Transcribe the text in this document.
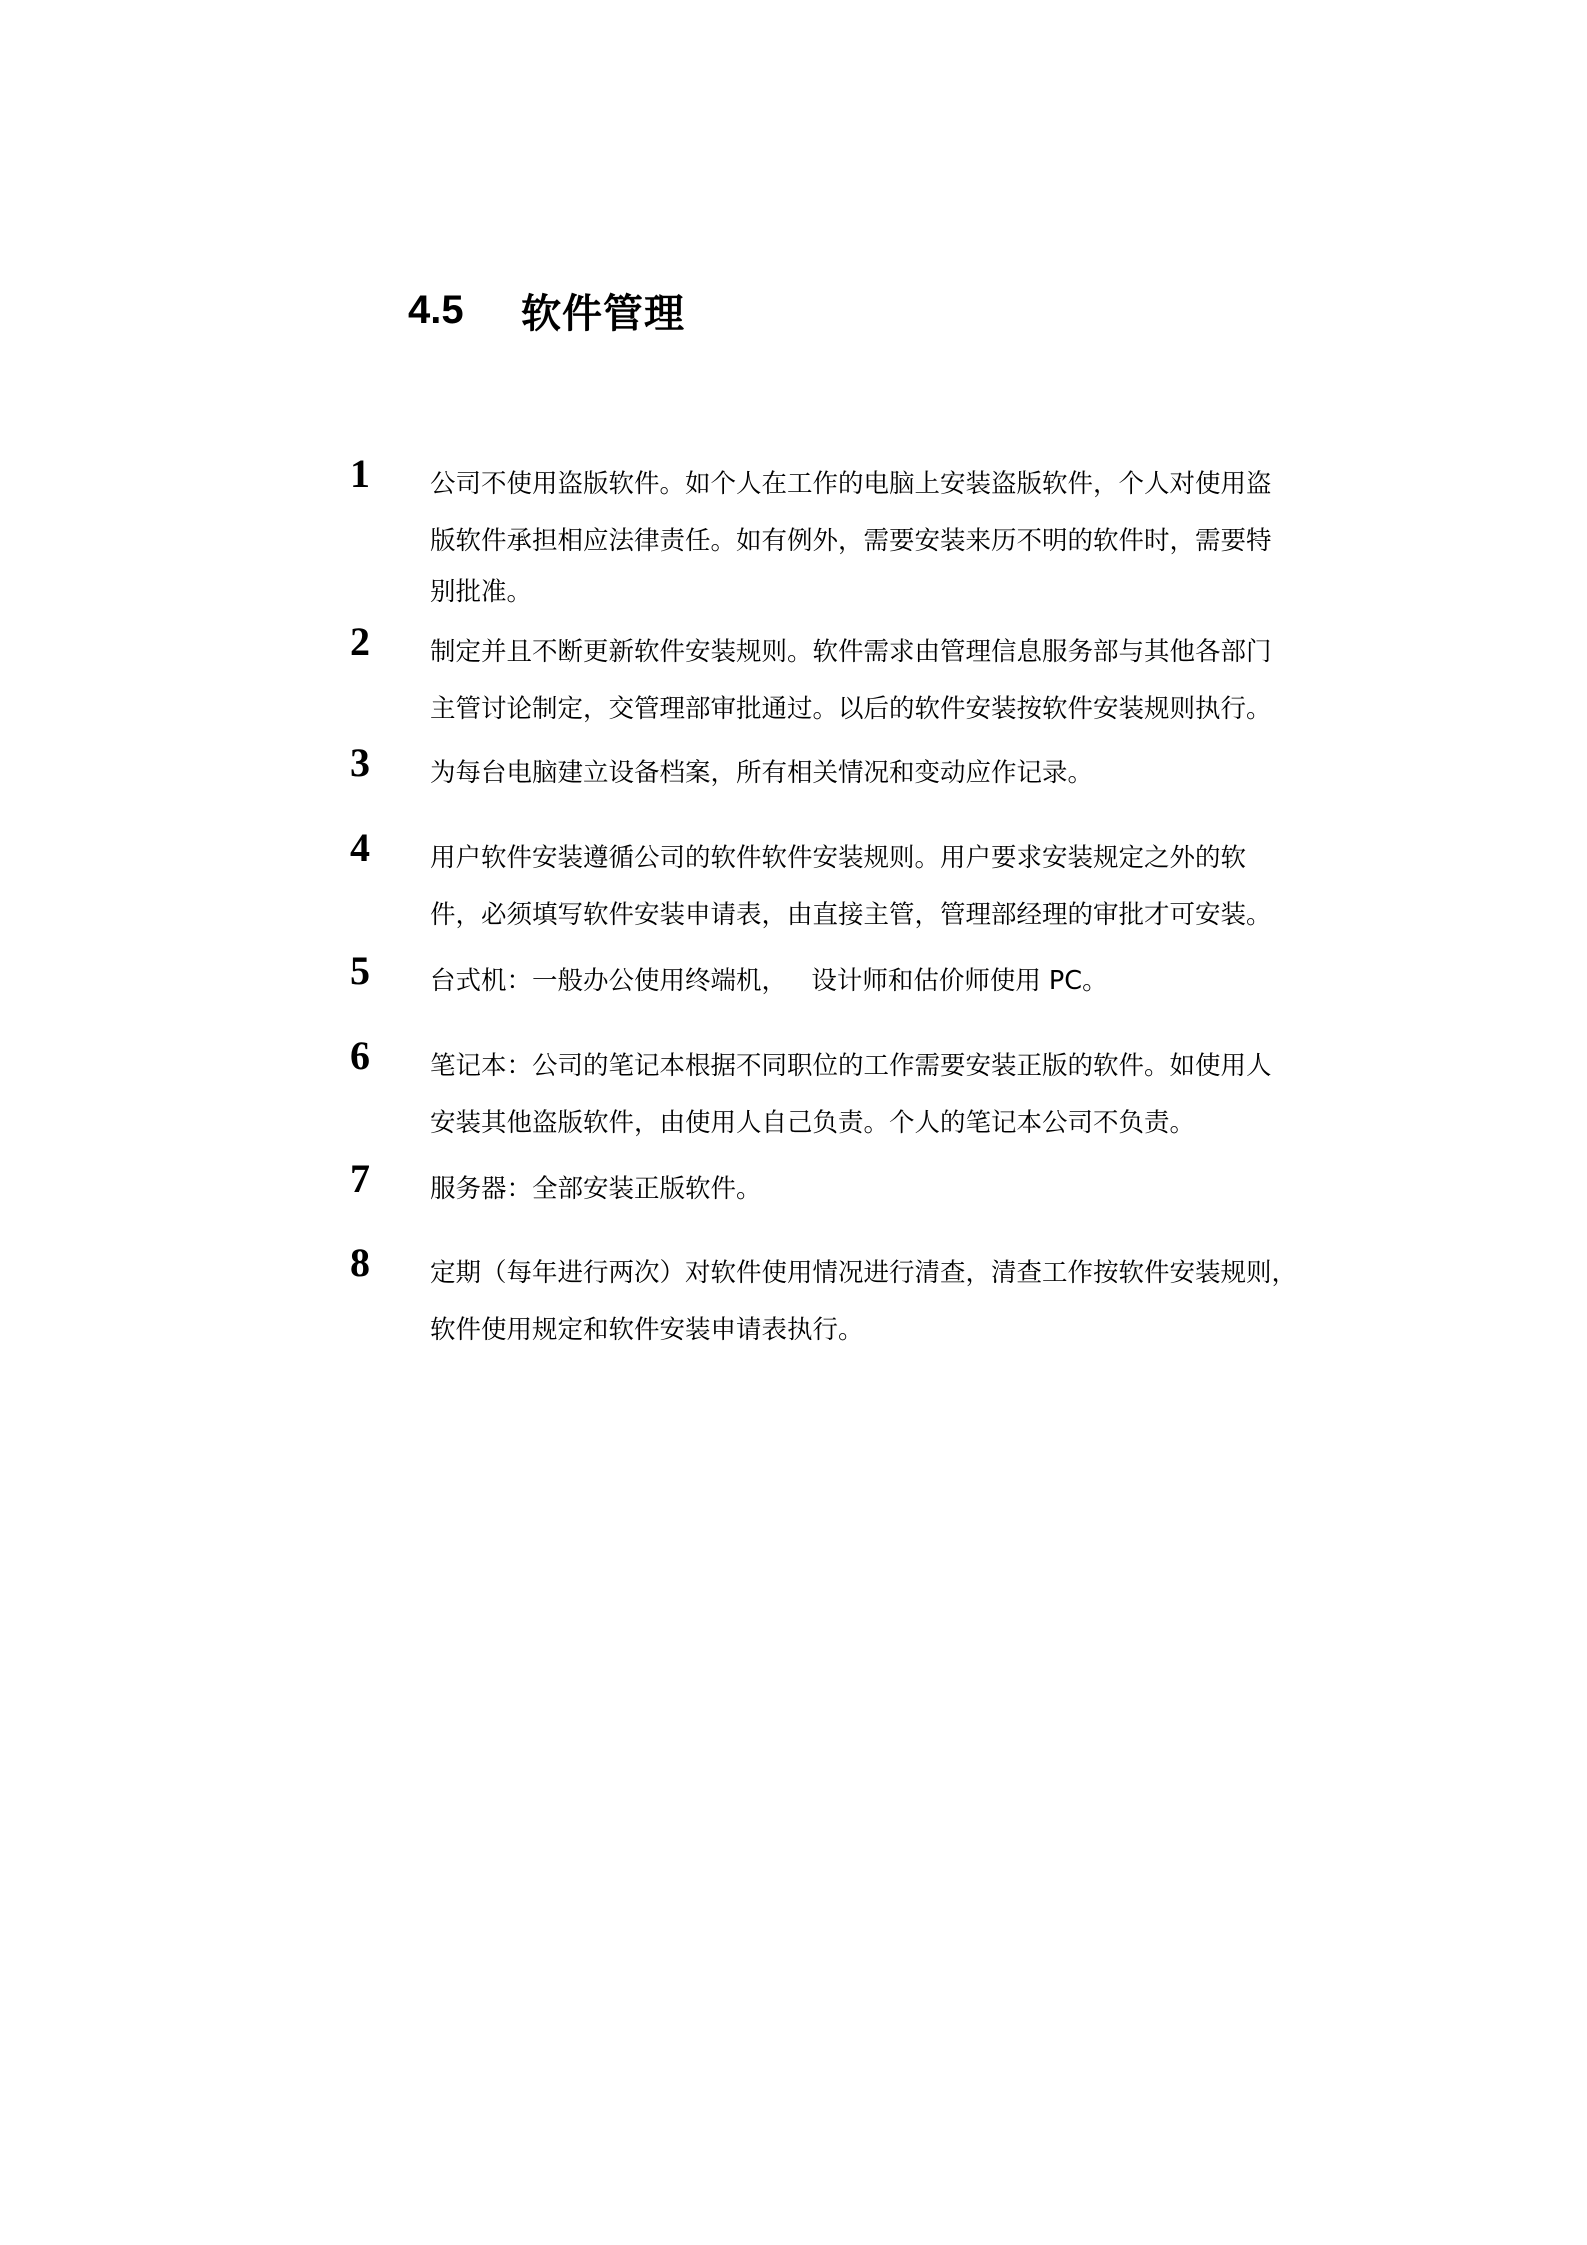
4.5	软件管理
1	公司不使用盗版软件。如个人在工作的电脑上安装盗版软件，个人对使用盗
版软件承担相应法律责任。如有例外，需要安装来历不明的软件时，需要特
别批准。
2	制定并且不断更新软件安装规则。软件需求由管理信息服务部与其他各部门
主管讨论制定，交管理部审批通过。以后的软件安装按软件安装规则执行。
3	为每台电脑建立设备档案，所有相关情况和变动应作记录。
4	用户软件安装遵循公司的软件软件安装规则。用户要求安装规定之外的软
件，必须填写软件安装申请表，由直接主管，管理部经理的审批才可安装。
5	台式机：一般办公使用终端机，   设计师和估价师使用 PC。
6	笔记本：公司的笔记本根据不同职位的工作需要安装正版的软件。如使用人
安装其他盗版软件，由使用人自己负责。个人的笔记本公司不负责。
7	服务器：全部安装正版软件。
8	定期（每年进行两次）对软件使用情况进行清查，清查工作按软件安装规则，
软件使用规定和软件安装申请表执行。
